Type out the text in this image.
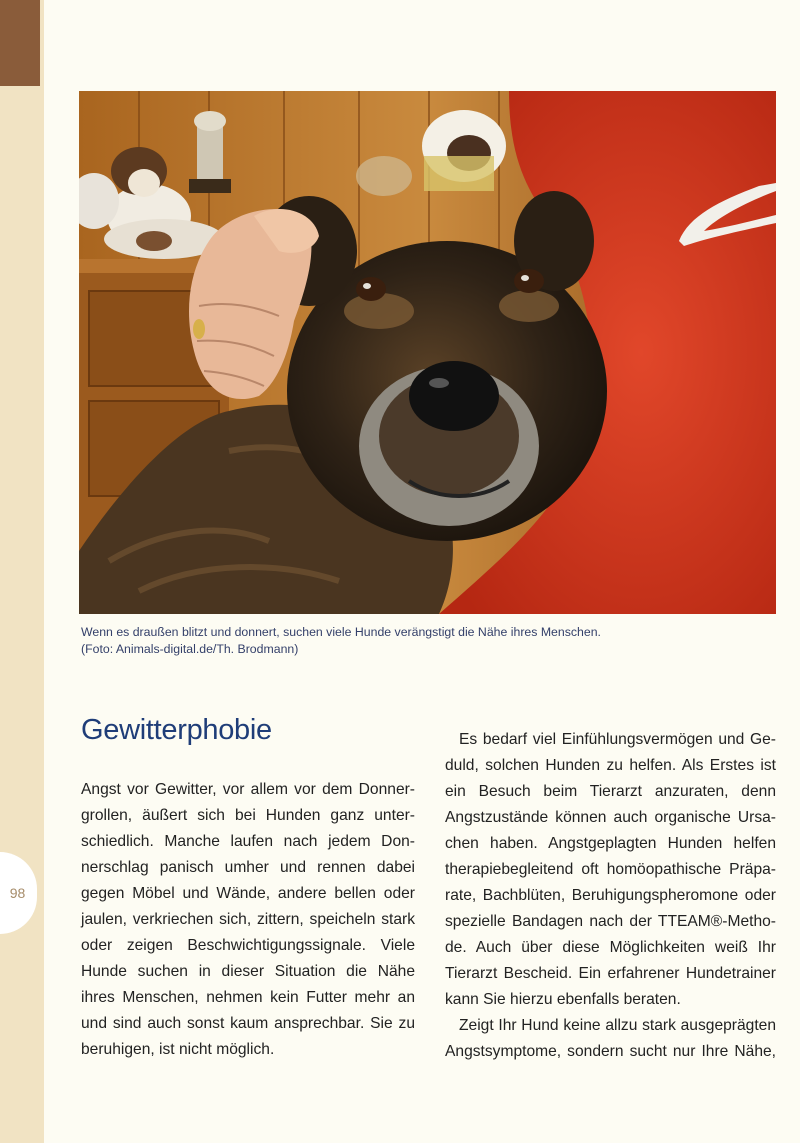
98
Wenn es draußen blitzt und donnert, suchen viele Hunde verängstigt die Nähe ihres Menschen.
(Foto: Animals-digital.de/Th. Brodmann)
Gewitterphobie
Angst vor Gewitter, vor allem vor dem Donner-
grollen, äußert sich bei Hunden ganz unter-
schiedlich. Manche laufen nach jedem Don-
nerschlag panisch umher und rennen dabei
gegen Möbel und Wände, andere bellen oder
jaulen, verkriechen sich, zittern, speicheln stark
oder zeigen Beschwichtigungssignale. Viele
Hunde suchen in dieser Situation die Nähe
ihres Menschen, nehmen kein Futter mehr an
und sind auch sonst kaum ansprechbar. Sie zu
beruhigen, ist nicht möglich.
Es bedarf viel Einfühlungsvermögen und Ge-
duld, solchen Hunden zu helfen. Als Erstes ist
ein Besuch beim Tierarzt anzuraten, denn
Angstzustände können auch organische Ursa-
chen haben. Angstgeplagten Hunden helfen
therapiebegleitend oft homöopathische Präpa-
rate, Bachblüten, Beruhigungspheromone oder
spezielle Bandagen nach der TTEAM®-Metho-
de. Auch über diese Möglichkeiten weiß Ihr
Tierarzt Bescheid. Ein erfahrener Hundetrainer
kann Sie hierzu ebenfalls beraten.
Zeigt Ihr Hund keine allzu stark ausgeprägten
Angstsymptome, sondern sucht nur Ihre Nähe,
